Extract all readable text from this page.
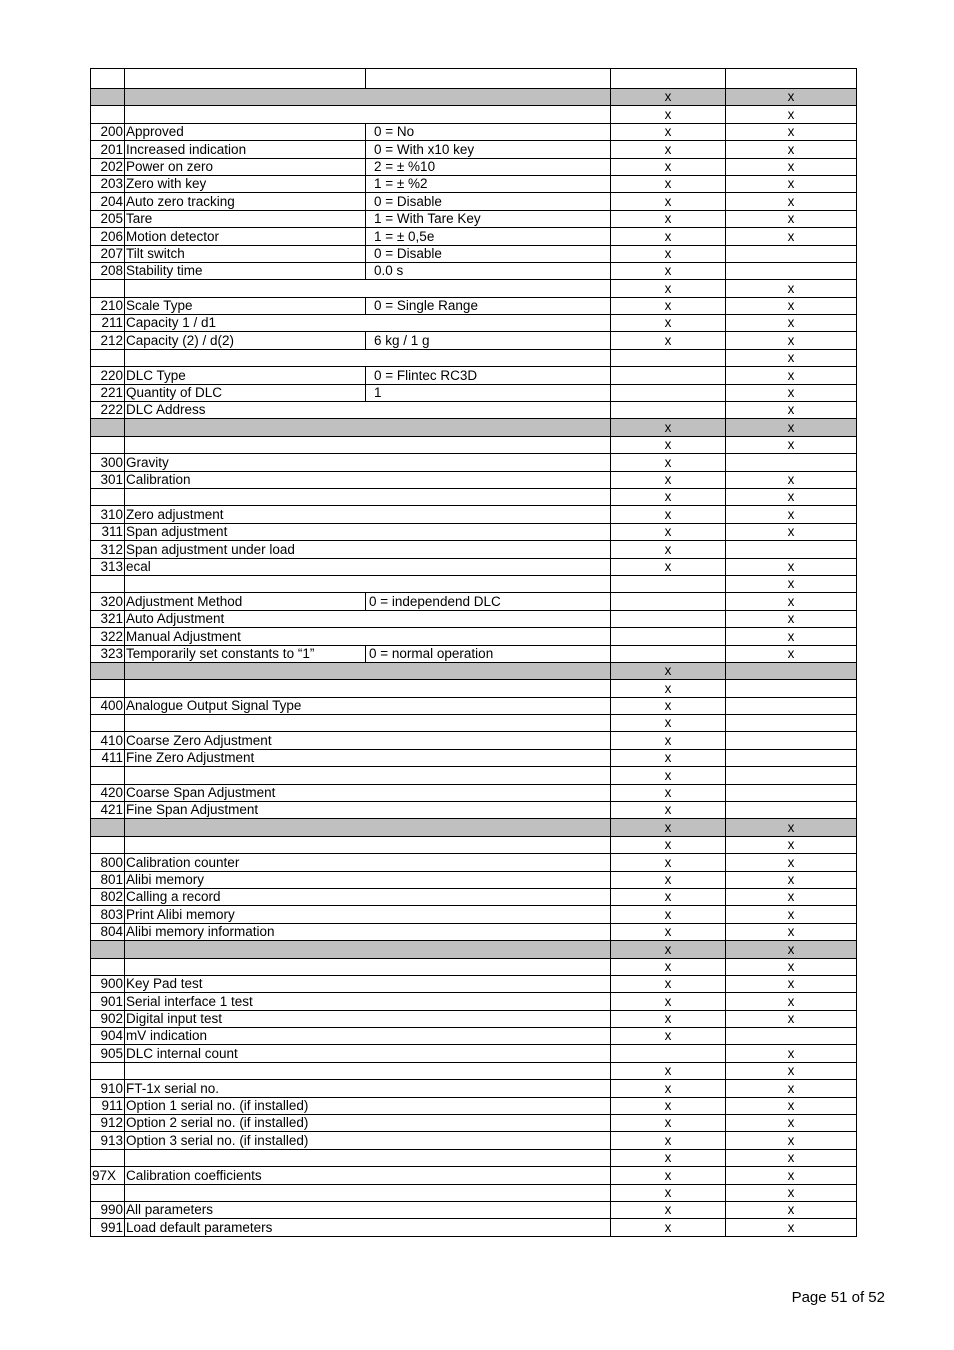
			x	x
			x	x
200	Approved	0 = No	x	x
201	Increased indication	0 = With x10 key	x	x
202	Power on zero	2 = ± %10	x	x
203	Zero with key	1 = ± %2	x	x
204	Auto zero tracking	0 = Disable	x	x
205	Tare	1 = With Tare Key	x	x
206	Motion detector	1 = ± 0,5e	x	x
207	Tilt switch	0 = Disable	x	
208	Stability time	0.0 s	x	
			x	x
210	Scale Type	0 = Single Range	x	x
211	Capacity 1 / d1		x	x
212	Capacity (2) / d(2)	6 kg / 1 g	x	x
				x
220	DLC Type	0 = Flintec RC3D		x
221	Quantity of DLC	1		x
222	DLC Address			x
			x	x
			x	x
300	Gravity		x	
301	Calibration		x	x
			x	x
310	Zero adjustment		x	x
311	Span adjustment		x	x
312	Span adjustment under load		x	
313	ecal		x	x
				x
320	Adjustment Method	0 = independend DLC		x
321	Auto Adjustment			x
322	Manual Adjustment			x
323	Temporarily set constants to “1”	0 = normal operation		x
			x	
			x	
400	Analogue Output Signal Type		x	
			x	
410	Coarse Zero Adjustment		x	
411	Fine Zero Adjustment		x	
			x	
420	Coarse Span Adjustment		x	
421	Fine Span Adjustment		x	
			x	x
			x	x
800	Calibration counter		x	x
801	Alibi memory		x	x
802	Calling a record		x	x
803	Print Alibi memory		x	x
804	Alibi memory information		x	x
			x	x
			x	x
900	Key Pad test		x	x
901	Serial interface 1 test		x	x
902	Digital input test		x	x
904	mV indication		x	
905	DLC internal count			x
			x	x
910	FT-1x serial no.		x	x
911	Option 1 serial no. (if installed)		x	x
912	Option 2 serial no. (if installed)		x	x
913	Option 3 serial no. (if installed)		x	x
			x	x
97X	Calibration coefficients		x	x
			x	x
990	All parameters		x	x
991	Load default parameters		x	x
Page 51 of 52
